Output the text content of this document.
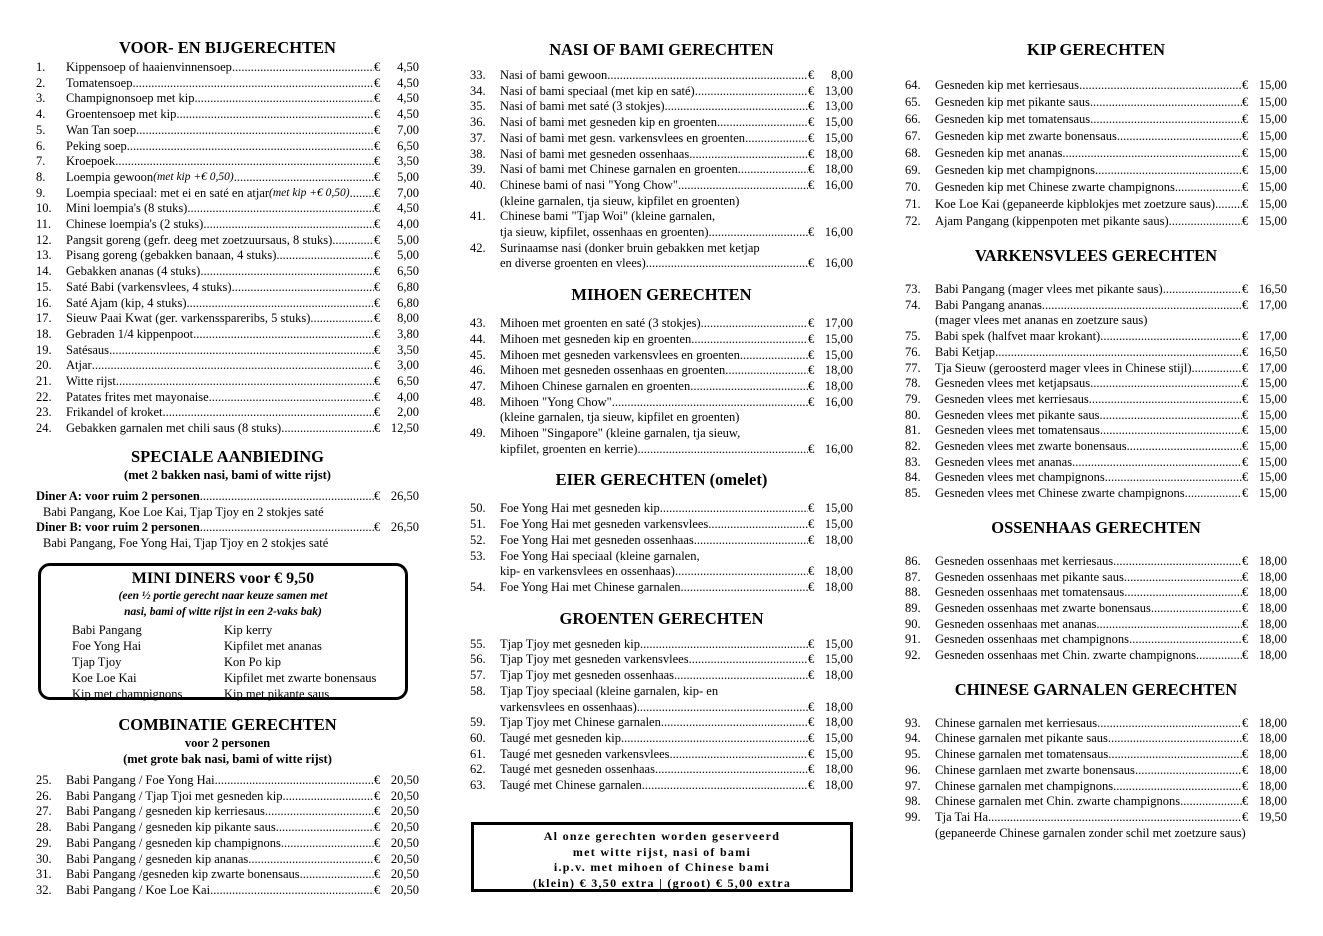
VOOR- EN BIJGERECHTEN
1.	Kippensoep of haaienvinnensoep .....	€	4,50
2.	Tomatensoep .....	€	4,50
3.	Champignonsoep met kip .....	€	4,50
4.	Groentensoep met kip .....	€	4,50
5.	Wan Tan soep .....	€	7,00
6.	Peking soep .....	€	6,50
7.	Kroepoek .....	€	3,50
8.	Loempia gewoon (met kip +€ 0,50) .....	€	5,00
9.	Loempia speciaal: met ei en saté en atjar (met kip +€ 0,50) ..... €	7,00
10.	Mini loempia's (8 stuks) .....	€	4,50
11.	Chinese loempia's (2 stuks) .....	€	4,00
12.	Pangsit goreng (gefr. deeg met zoetzuursaus, 8 stuks) .....	€	5,00
13.	Pisang goreng (gebakken banaan, 4 stuks) .....	€	5,00
14.	Gebakken ananas (4 stuks) .....	€	6,50
15.	Saté Babi (varkensvlees, 4 stuks) .....	€	6,80
16.	Saté Ajam (kip, 4 stuks) .....	€	6,80
17.	Sieuw Paai Kwat (ger. varkensspareribs, 5 stuks) .....	€	8,00
18.	Gebraden 1/4 kippenpoot .....	€	3,80
19.	Satésaus .....	€	3,50
20.	Atjar .....	€	3,00
21.	Witte rijst .....	€	6,50
22.	Patates frites met mayonaise .....	€	4,00
23.	Frikandel of kroket .....	€	2,00
24.	Gebakken garnalen met chili saus (8 stuks) .....	€ 12,50
SPECIALE AANBIEDING
(met 2 bakken nasi, bami of witte rijst)
Diner A: voor ruim 2 personen .....	€ 26,50
Babi Pangang, Koe Loe Kai, Tjap Tjoy en 2 stokjes saté
Diner B: voor ruim 2 personen .....	€ 26,50
Babi Pangang, Foe Yong Hai, Tjap Tjoy en 2 stokjes saté
MINI DINERS voor € 9,50
(een ½ portie gerecht naar keuze samen met
nasi, bami of witte rijst in een 2-vaks bak)
Babi Pangang	Kip kerry
Foe Yong Hai	Kipfilet met ananas
Tjap Tjoy	Kon Po kip
Koe Loe Kai	Kipfilet met zwarte bonensaus
Kip met champignons	Kip met pikante saus
COMBINATIE GERECHTEN
voor 2 personen
(met grote bak nasi, bami of witte rijst)
25.	Babi Pangang / Foe Yong Hai .....	€ 20,50
26.	Babi Pangang / Tjap Tjoi met gesneden kip .....	€ 20,50
27.	Babi Pangang / gesneden kip kerriesaus .....	€ 20,50
28.	Babi Pangang / gesneden kip pikante saus .....	€ 20,50
29.	Babi Pangang / gesneden kip champignons .....	€ 20,50
30.	Babi Pangang / gesneden kip ananas .....	€ 20,50
31.	Babi Pangang /gesneden kip zwarte bonensaus .....	€ 20,50
32.	Babi Pangang / Koe Loe Kai .....	€ 20,50
NASI OF BAMI GERECHTEN
33.	Nasi of bami gewoon .....	€	8,00
34.	Nasi of bami speciaal (met kip en saté) .....	€ 13,00
35.	Nasi of bami met saté (3 stokjes) .....	€ 13,00
36.	Nasi of bami met gesneden kip en groenten .....	€ 15,00
37.	Nasi of bami met gesn. varkensvlees en groenten .....	€ 15,00
38.	Nasi of bami met gesneden ossenhaas .....	€ 18,00
39.	Nasi of bami met Chinese garnalen en groenten .....	€ 18,00
40.	Chinese bami of nasi "Yong Chow" .....	€ 16,00
(kleine garnalen, tja sieuw, kipfilet en groenten)
41.	Chinese bami "Tjap Woi" (kleine garnalen,
tja sieuw, kipfilet, ossenhaas en groenten) .....	€ 16,00
42.	Surinaamse nasi (donker bruin gebakken met ketjap
en diverse groenten en vlees) .....	€ 16,00
MIHOEN GERECHTEN
43.	Mihoen met groenten en saté (3 stokjes) .....	€ 17,00
44.	Mihoen met gesneden kip en groenten .....	€ 15,00
45.	Mihoen met gesneden varkensvlees en groenten .....	€ 15,00
46.	Mihoen met gesneden ossenhaas en groenten .....	€ 18,00
47.	Mihoen Chinese garnalen en groenten .....	€ 18,00
48.	Mihoen "Yong Chow" .....	€ 16,00
(kleine garnalen, tja sieuw, kipfilet en groenten)
49.	Mihoen "Singapore" (kleine garnalen, tja sieuw,
kipfilet, groenten en kerrie) .....	€ 16,00
EIER GERECHTEN (omelet)
50.	Foe Yong Hai met gesneden kip .....	€ 15,00
51.	Foe Yong Hai met gesneden varkensvlees .....	€ 15,00
52.	Foe Yong Hai met gesneden ossenhaas .....	€ 18,00
53.	Foe Yong Hai speciaal (kleine garnalen,
kip- en varkensvlees en ossenhaas) .....	€ 18,00
54.	Foe Yong Hai met Chinese garnalen .....	€ 18,00
GROENTEN GERECHTEN
55.	Tjap Tjoy met gesneden kip .....	€ 15,00
56.	Tjap Tjoy met gesneden varkensvlees .....	€ 15,00
57.	Tjap Tjoy met gesneden ossenhaas .....	€ 18,00
58.	Tjap Tjoy speciaal (kleine garnalen, kip- en
varkensvlees en ossenhaas) .....	€ 18,00
59.	Tjap Tjoy met Chinese garnalen .....	€ 18,00
60.	Taugé met gesneden kip .....	€ 15,00
61.	Taugé met gesneden varkensvlees .....	€ 15,00
62.	Taugé met gesneden ossenhaas .....	€ 18,00
63.	Taugé met Chinese garnalen .....	€ 18,00
Al onze gerechten worden geserveerd
met witte rijst, nasi of bami
i.p.v. met mihoen of Chinese bami
(klein) € 3,50 extra | (groot) € 5,00 extra
KIP GERECHTEN
64.	Gesneden kip met kerriesaus .....	€ 15,00
65.	Gesneden kip met pikante saus .....	€ 15,00
66.	Gesneden kip met tomatensaus .....	€ 15,00
67.	Gesneden kip met zwarte bonensaus .....	€ 15,00
68.	Gesneden kip met ananas .....	€ 15,00
69.	Gesneden kip met champignons .....	€ 15,00
70.	Gesneden kip met Chinese zwarte champignons .....	€ 15,00
71.	Koe Loe Kai (gepaneerde kipblokjes met zoetzure saus) ..... € 15,00
72.	Ajam Pangang (kippenpoten met pikante saus) .....	€ 15,00
VARKENSVLEES GERECHTEN
73.	Babi Pangang (mager vlees met pikante saus) .....	€ 16,50
74.	Babi Pangang ananas .....	€ 17,00
(mager vlees met ananas en zoetzure saus)
75.	Babi spek (halfvet maar krokant) .....	€ 17,00
76.	Babi Ketjap .....	€ 16,50
77.	Tja Sieuw (geroosterd mager vlees in Chinese stijl) .....	€ 17,00
78.	Gesneden vlees met ketjapsaus .....	€ 15,00
79.	Gesneden vlees met kerriesaus .....	€ 15,00
80.	Gesneden vlees met pikante saus .....	€ 15,00
81.	Gesneden vlees met tomatensaus .....	€ 15,00
82.	Gesneden vlees met zwarte bonensaus .....	€ 15,00
83.	Gesneden vlees met ananas .....	€ 15,00
84.	Gesneden vlees met champignons .....	€ 15,00
85.	Gesneden vlees met Chinese zwarte champignons .....	€ 15,00
OSSENHAAS GERECHTEN
86.	Gesneden ossenhaas met kerriesaus .....	€ 18,00
87.	Gesneden ossenhaas met pikante saus .....	€ 18,00
88.	Gesneden ossenhaas met tomatensaus .....	€ 18,00
89.	Gesneden ossenhaas met zwarte bonensaus .....	€ 18,00
90.	Gesneden ossenhaas met ananas .....	€ 18,00
91.	Gesneden ossenhaas met champignons .....	€ 18,00
92.	Gesneden ossenhaas met Chin. zwarte champignons .....	€ 18,00
CHINESE GARNALEN GERECHTEN
93.	Chinese garnalen met kerriesaus .....	€ 18,00
94.	Chinese garnalen met pikante saus .....	€ 18,00
95.	Chinese garnalen met tomatensaus .....	€ 18,00
96.	Chinese garnlaen met zwarte bonensaus .....	€ 18,00
97.	Chinese garnalen met champignons .....	€ 18,00
98.	Chinese garnalen met Chin. zwarte champignons .....	€ 18,00
99.	Tja Tai Ha .....	€ 19,50
(gepaneerde Chinese garnalen zonder schil met zoetzure saus)
